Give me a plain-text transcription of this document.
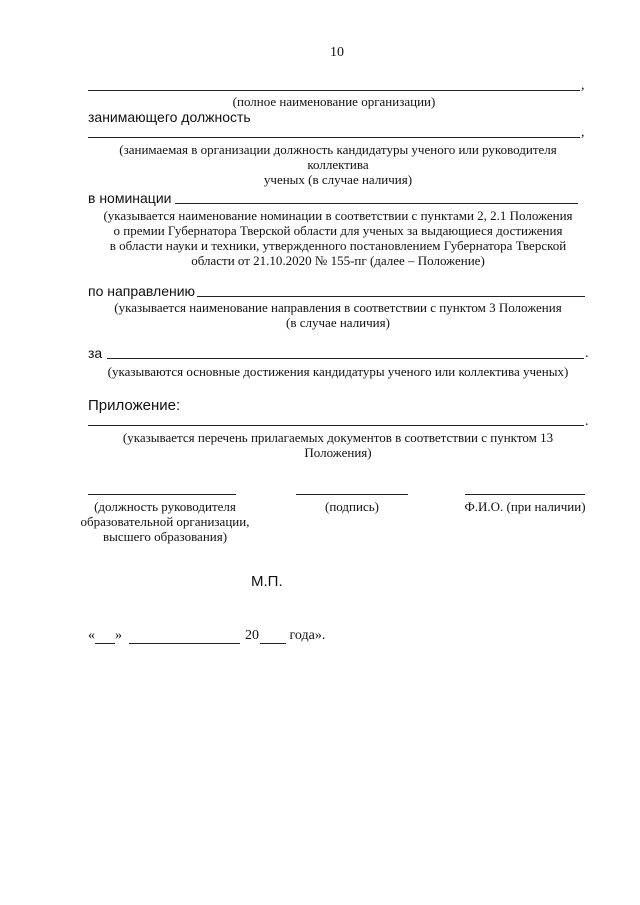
10
,
(полное наименование организации)
занимающего должность
,
(занимаемая в организации должность кандидатуры ученого или руководителя коллектива
ученых (в случае наличия)
в номинации
(указывается наименование номинации в соответствии с пунктами 2, 2.1 Положения
о премии Губернатора Тверской области для ученых за выдающиеся достижения
в области науки и техники, утвержденного постановлением Губернатора Тверской
области от 21.10.2020 № 155-пг (далее – Положение)
по направлению
(указывается наименование направления в соответствии с пунктом 3 Положения
(в случае наличия)
за	.
(указываются основные достижения кандидатуры ученого или коллектива ученых)
Приложение:
.
(указывается перечень прилагаемых документов в соответствии с пунктом 13 Положения)
(должность руководителя
образовательной организации,
высшего образования)
(подпись)	Ф.И.О. (при наличии)
М.П.
« »	20 года».
